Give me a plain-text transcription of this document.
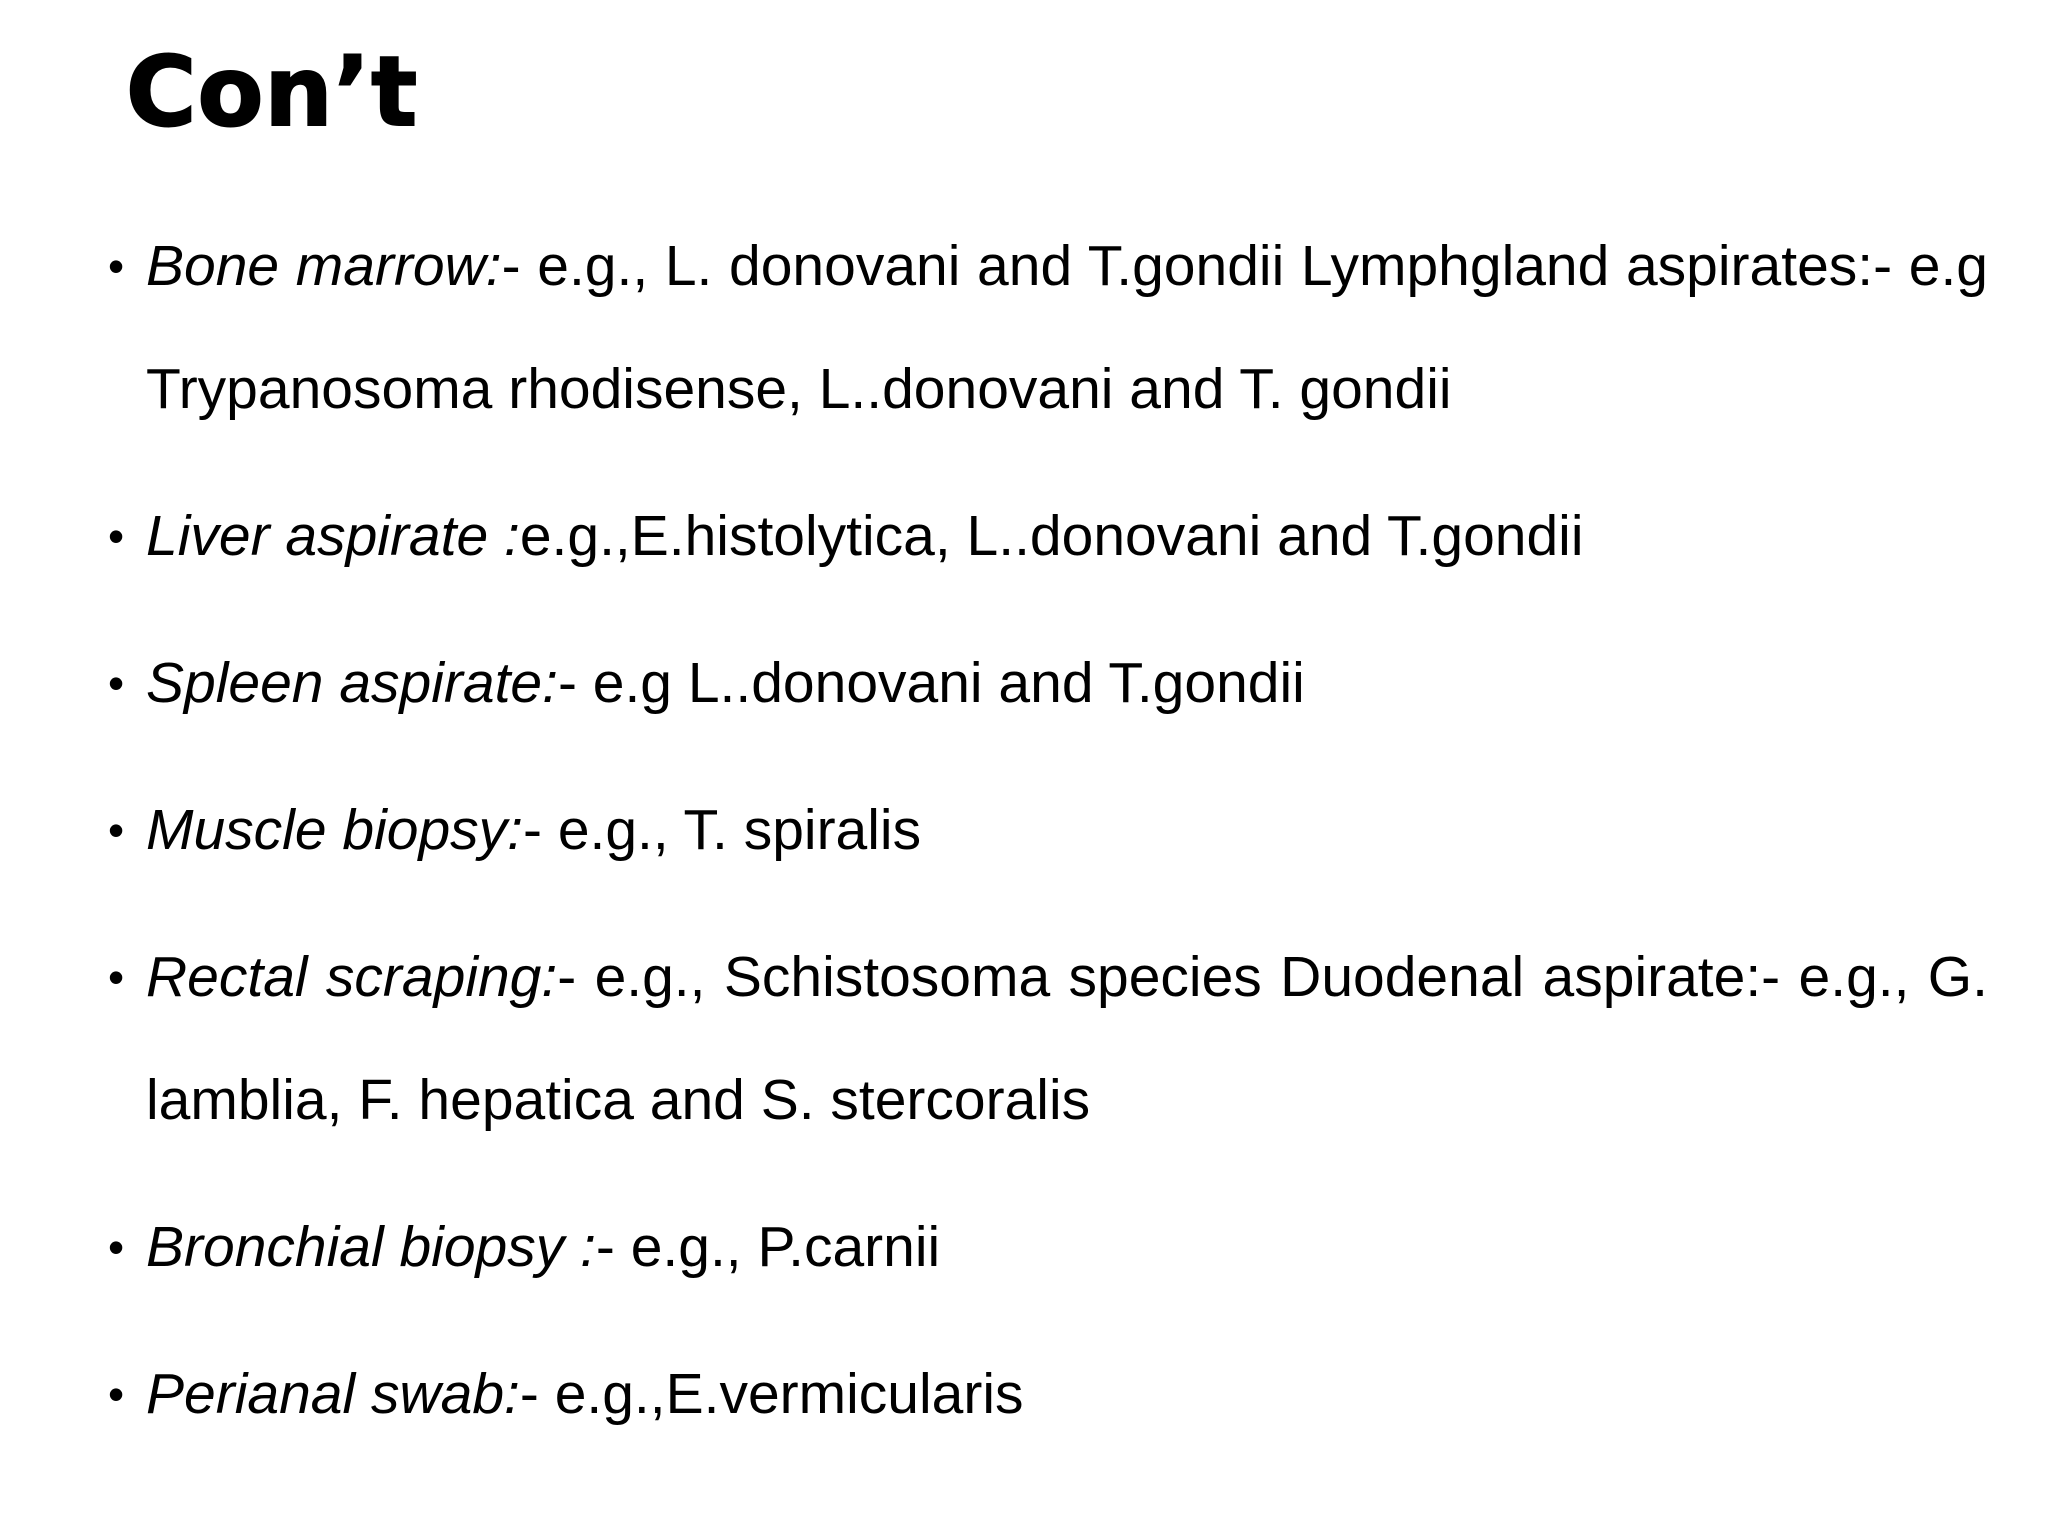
Con’t
• Bone marrow:- e.g., L. donovani and T.gondii Lymphgland aspirates:- e.g Trypanosoma rhodisense, L..donovani and T. gondii
• Liver aspirate :e.g.,E.histolytica, L..donovani and T.gondii
• Spleen aspirate:- e.g L..donovani and T.gondii
• Muscle biopsy:- e.g., T. spiralis
• Rectal scraping:- e.g., Schistosoma species Duodenal aspirate:- e.g., G. lamblia, F. hepatica and S. stercoralis
• Bronchial biopsy :- e.g., P.carnii
• Perianal swab:- e.g.,E.vermicularis
